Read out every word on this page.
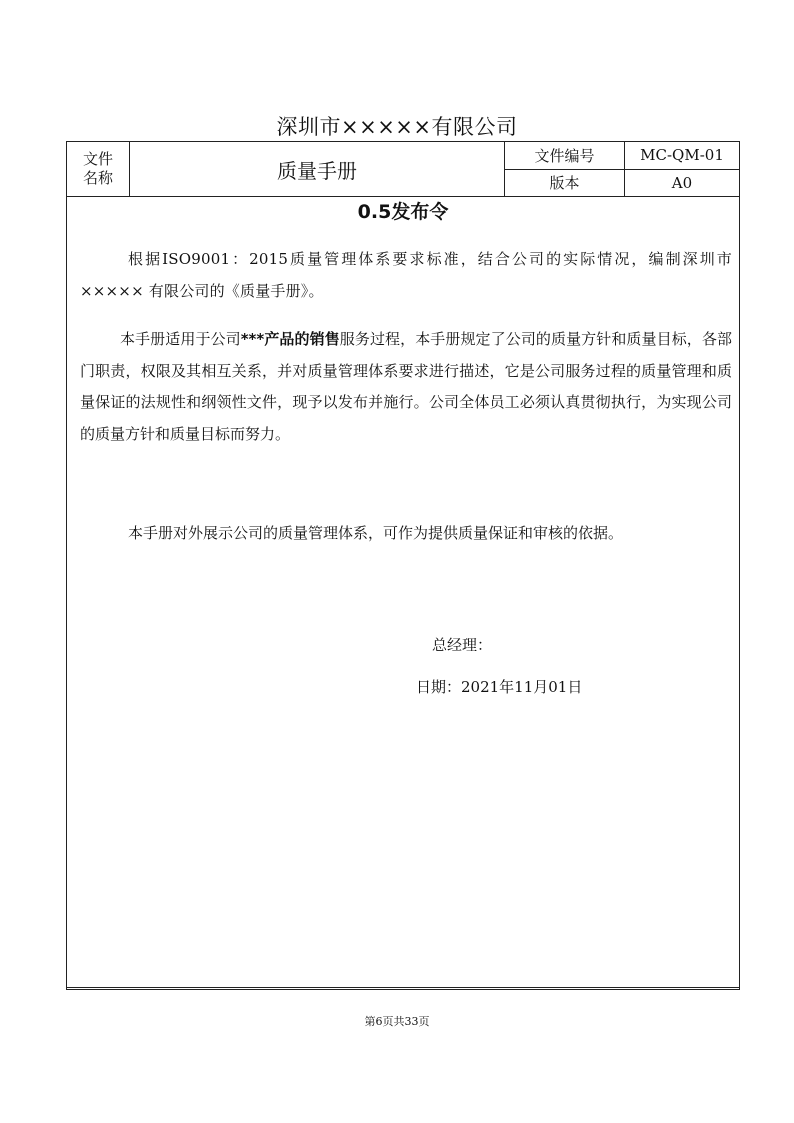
深圳市×××××有限公司
文件
名称	质量手册	文件编号	MC-QM-01
		版本	A0
0.5发布令

根据ISO9001：2015质量管理体系要求标准，结合公司的实际情况，编制深圳市××××× 有限公司的《质量手册》。

本手册适用于公司***产品的销售服务过程，本手册规定了公司的质量方针和质量目标，各部门职责，权限及其相互关系，并对质量管理体系要求进行描述，它是公司服务过程的质量管理和质量保证的法规性和纲领性文件，现予以发布并施行。公司全体员工必须认真贯彻执行，为实现公司的质量方针和质量目标而努力。

本手册对外展示公司的质量管理体系，可作为提供质量保证和审核的依据。

总经理：
日期：2021年11月01日
第6页共33页
